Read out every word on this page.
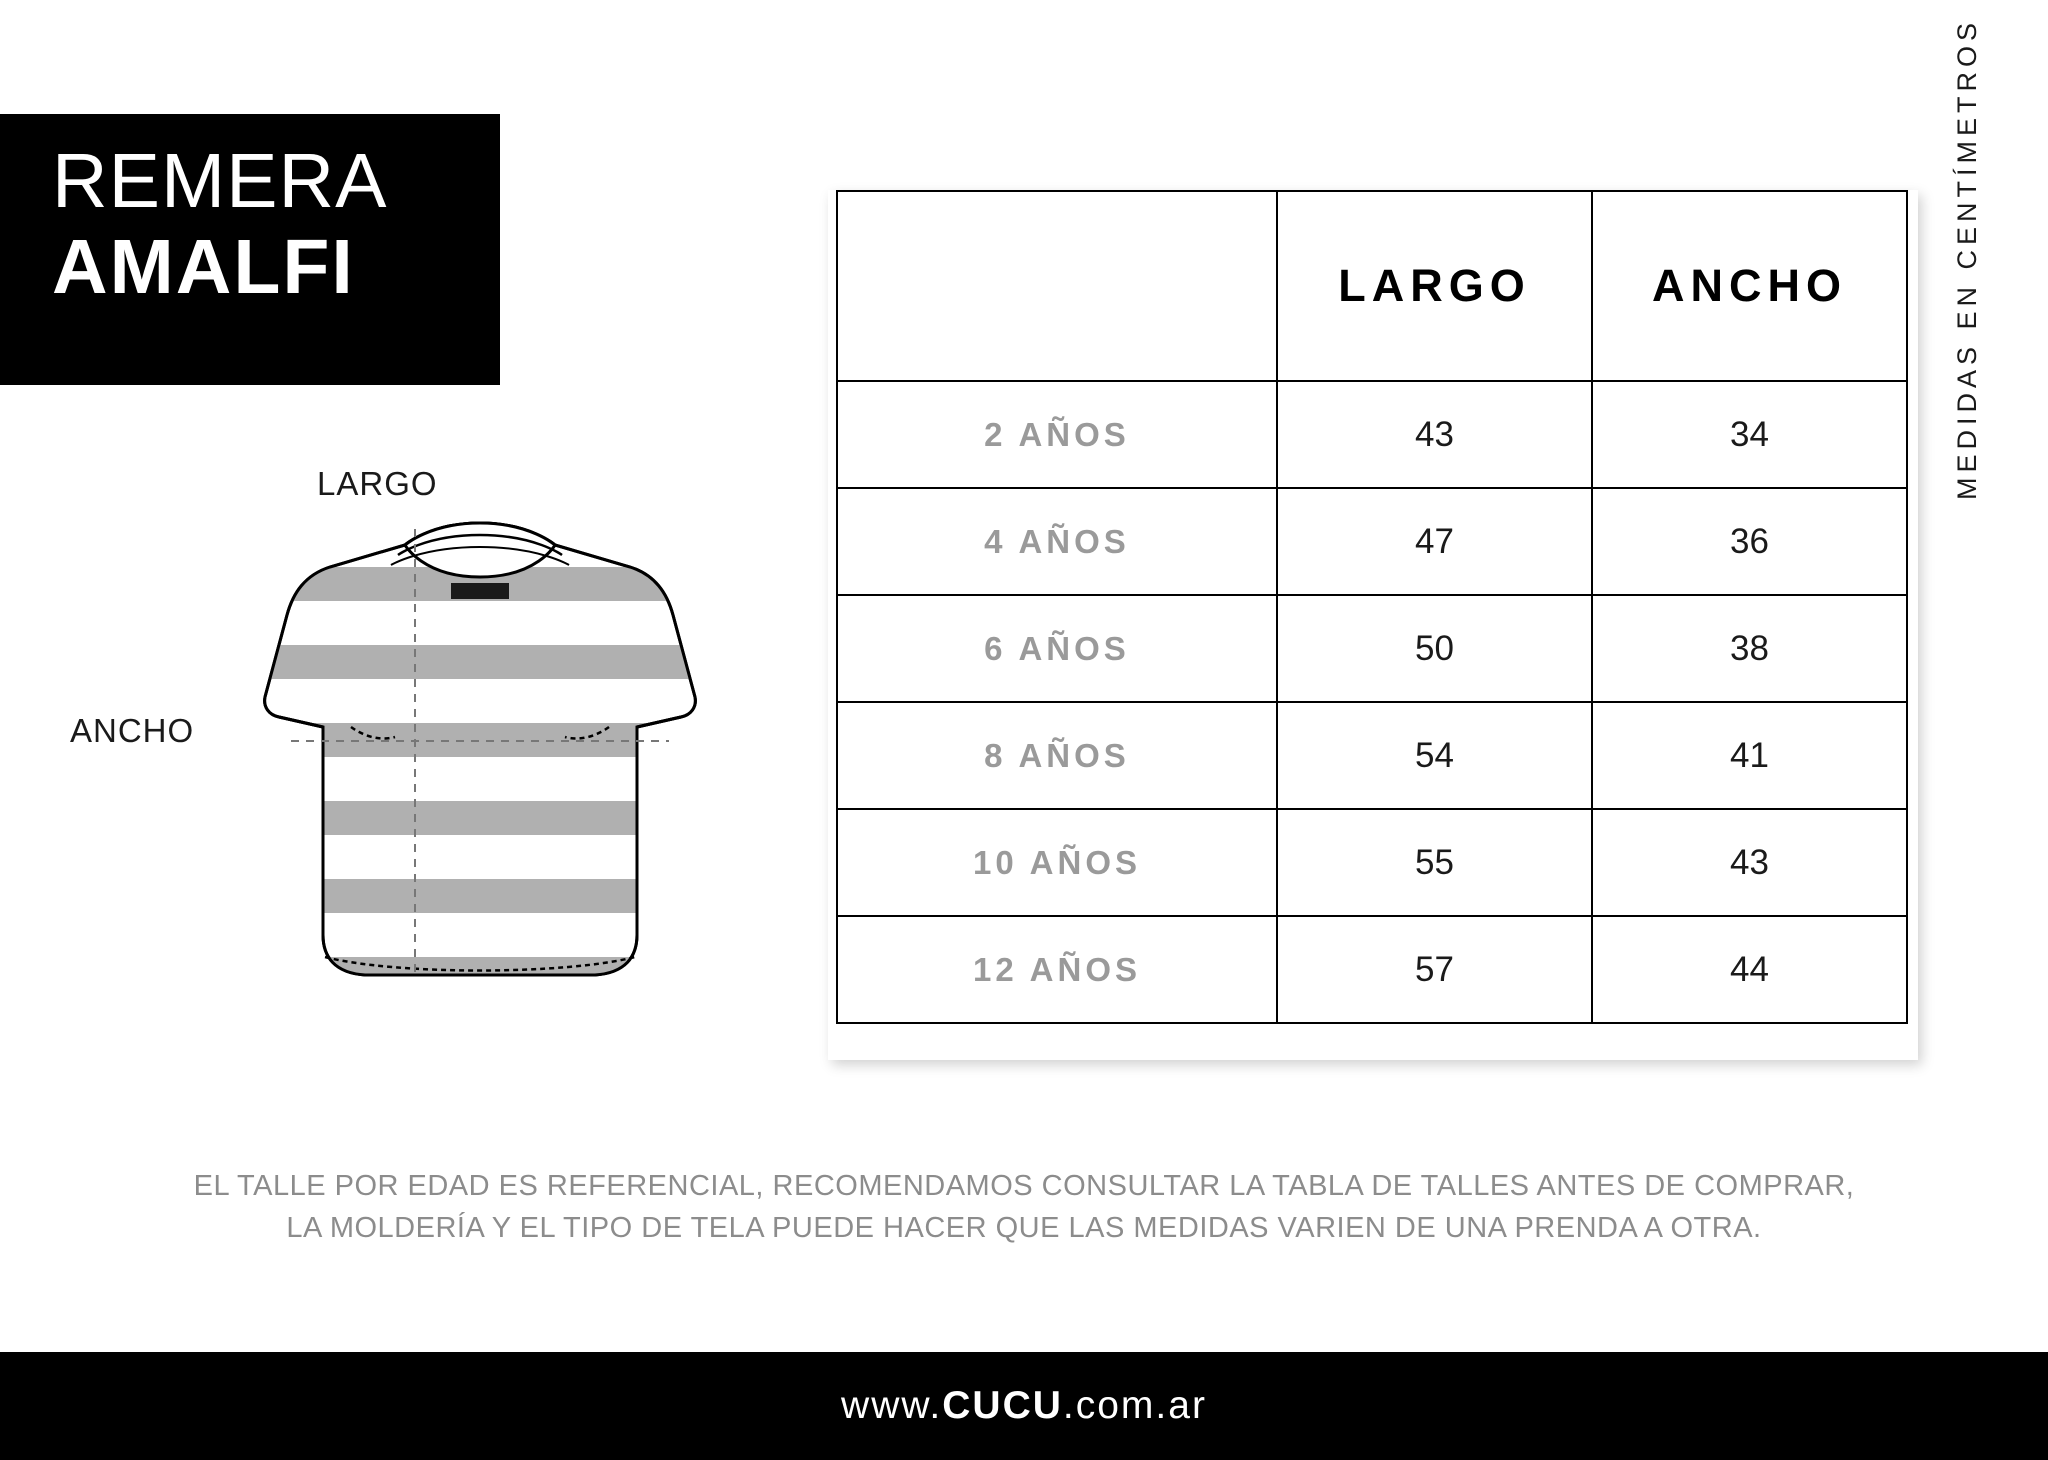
REMERA
AMALFI
LARGO
ANCHO
	LARGO	ANCHO
2 AÑOS	43	34
4 AÑOS	47	36
6 AÑOS	50	38
8 AÑOS	54	41
10 AÑOS	55	43
12 AÑOS	57	44
MEDIDAS EN CENTÍMETROS
EL TALLE POR EDAD ES REFERENCIAL, RECOMENDAMOS CONSULTAR LA TABLA DE TALLES ANTES DE COMPRAR,
LA MOLDERÍA Y EL TIPO DE TELA PUEDE HACER QUE LAS MEDIDAS VARIEN DE UNA PRENDA A OTRA.
www.CUCU.com.ar
